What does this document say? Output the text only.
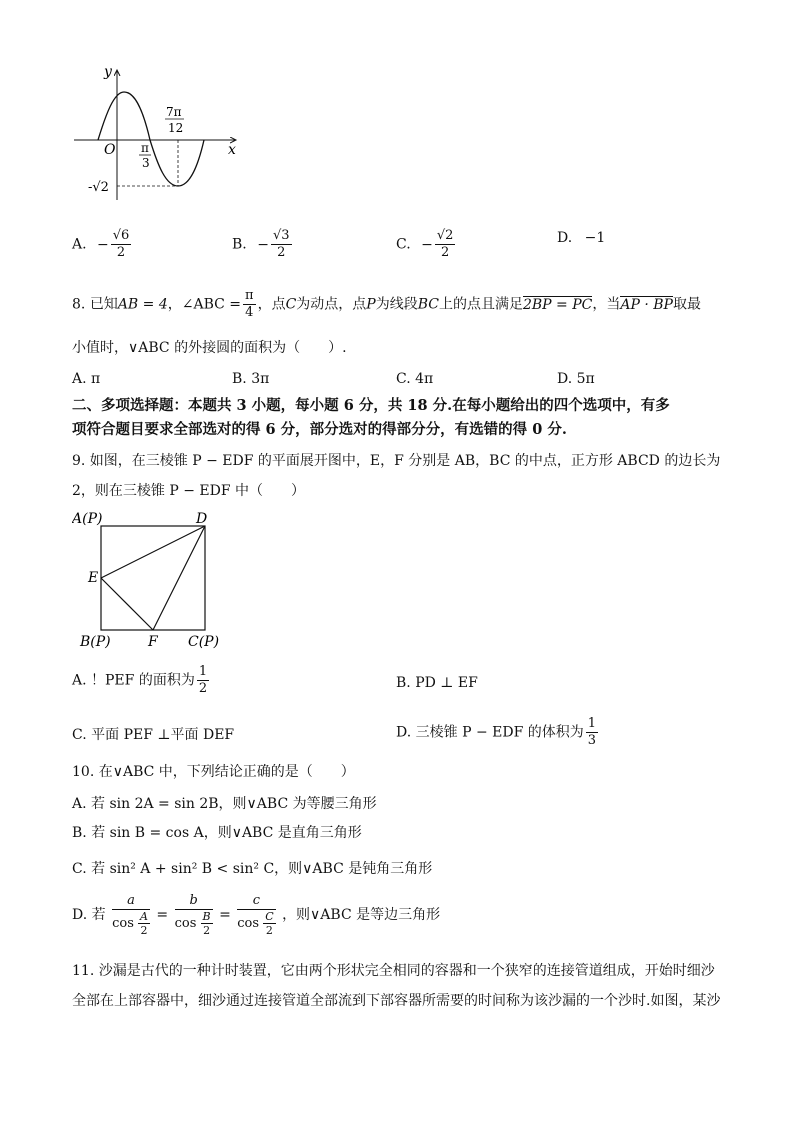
y
x
O π
3
7π
12
-√2
A. − $\frac{√6}{2}$	B. − $\frac{√3}{2}$	C. − $\frac{√2}{2}$	D. −1
8. 已知AB = 4，∠ABC = $\frac{\pi}{4}$ ，点C为动点，点P为线段BC上的点且满足2BP = PC，当AP · BP取最
小值时，∨ABC 的外接圆的面积为（　　）.
A. π	B. 3π	C. 4π	D. 5π
二、多项选择题：本题共 3 小题，每小题 6 分，共 18 分.在每小题给出的四个选项中，有多
项符合题目要求全部选对的得 6 分，部分选对的得部分分，有选错的得 0 分.
9. 如图，在三棱锥 P − EDF 的平面展开图中，E，F 分别是 AB，BC 的中点，正方形 ABCD 的边长为
2，则在三棱锥 P − EDF 中（　　）
A(P)	D
E
B(P)	F C(P)
A. ！PEF 的面积为 $\frac{1}{2}$	B. PD ⊥ EF
C. 平面 PEF ⊥平面 DEF	D. 三棱锥 P − EDF 的体积为 $\frac{1}{3}$
10. 在∨ABC 中，下列结论正确的是（　　）
A. 若 sin 2A = sin 2B，则∨ABC 为等腰三角形
B. 若 sin B = cos A，则∨ABC 是直角三角形
C. 若 sin² A + sin² B < sin² C，则∨ABC 是钝角三角形
D. 若 $\frac{a}{\cos \frac{A}{2}} = \frac{b}{\cos \frac{B}{2}} = \frac{c}{\cos \frac{C}{2}}$ ，则∨ABC 是等边三角形
11. 沙漏是古代的一种计时装置，它由两个形状完全相同的容器和一个狭窄的连接管道组成，开始时细沙
全部在上部容器中，细沙通过连接管道全部流到下部容器所需要的时间称为该沙漏的一个沙时.如图，某沙
